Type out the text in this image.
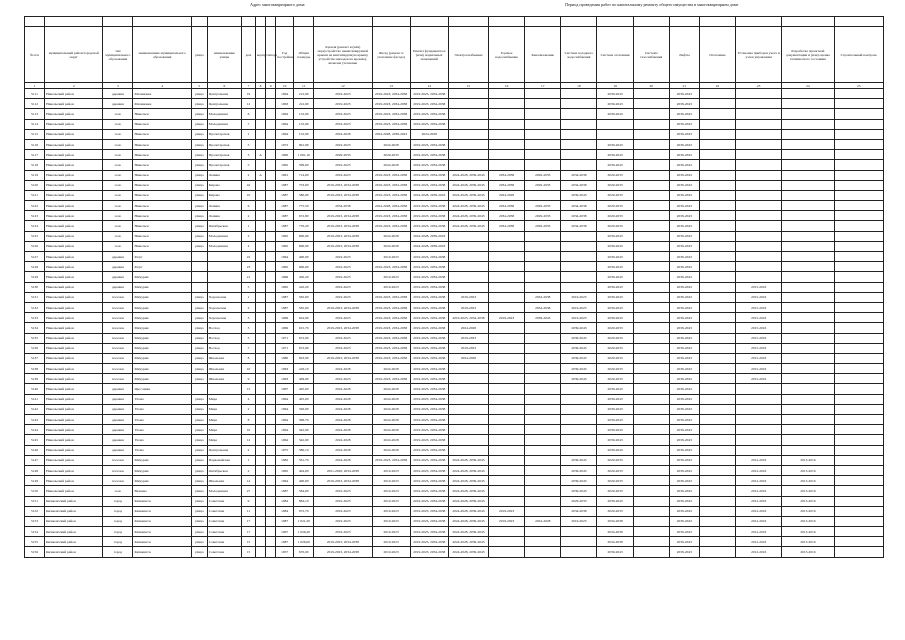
Адрес многоквартирного дома	Период проведения работ по капитальному ремонту общего имущества в многоквартирном доме

№ п/п	муниципальный район/городской округ	тип муниципального образования	наименование муниципального образования	улица	наименование улицы	дом	корпус	литера	Год постройки	Общая площадь	Кровля (ремонт и (или) переустройство невентилируемой крыши на вентилируемую крышу, устройство выходов на кровлю), включая утепление	Фасад (ремонт и утепление фасада)	Ремонт фундамента и (или) подвальных помещений	Электроснабжение	Горячее водоснабжение	Канализование	Система холодного водоснабжения	Система отопления	Система газоснабжения	Лифты	Отопление	Установка приборов учета и узлов управления	Разработка проектной документации и (или) оценка технического состояния	Строительный контроль
1	2	3	4	5	6	7	8	9	10	11	12	13	14	15	16	17	18	19	20	21	22	23	24	25
5111	Никольский район	деревня	Малиновка	улица	Центральная	19			1964	212,90	2019-2023	2019-2023, 2034-2038	2019-2023, 2034-2038					2039-2043		2039-2043				
5112	Никольский район	деревня	Малиновка	улица	Центральная	12			1963	212,90	2019-2023	2019-2023, 2034-2038	2019-2023, 2034-2038					2039-2043		2039-2043				
5113	Никольский район	село	Никольск	улица	Молодежная	6			1964	152,90	2019-2023	2019-2023, 2034-2038	2019-2023, 2034-2038					2039-2043		2039-2043				
5114	Никольский район	село	Никольск	улица	Молодежная	7			1964	152,90	2019-2023	2019-2023, 2034-2038	2019-2023, 2034-2038							2039-2043				
5115	Никольский район	село	Никольск	улица	Пролетарская	1			1964	152,90	2024-2028	2024-2028, 2039-2043	2024-2028							2039-2043				
5116	Никольский район	село	Никольск	улица	Пролетарская	5			1972	991,99	2019-2023	2024-2028	2019-2023, 2034-2038					2039-2043		2039-2043				
5117	Никольский район	село	Никольск	улица	Пролетарская	3	А		1990	1 091,10	2029-2033	2029-2033	2019-2023, 2034-2038					2039-2043		2039-2043				
5118	Никольский район	село	Никольск	улица	Пролетарская	5			1965	599,00	2019-2023	2024-2028	2019-2023, 2034-2038					2039-2043		2039-2043				
5119	Никольский район	село	Никольск	улица	Ленина	2	А		1991	714,00	2019-2023	2019-2023, 2034-2038	2019-2023, 2034-2038	2024-2028, 2039-2043	2034-2038	2029-2033	2034-2038	2029-2033		2039-2043				
5120	Никольский район	село	Никольск	улица	Кирова	42			1987	753,00	2019-2023, 2034-2038	2019-2023, 2034-2038	2019-2023, 2034-2038	2024-2028, 2039-2043	2034-2038	2029-2033	2034-2038	2029-2033		2039-2043				
5121	Никольский район	село	Никольск	улица	Кирова	10			1987	580,90	2019-2023, 2034-2038	2019-2023, 2034-2038	2024-2028, 2039-2043	2024-2028, 2039-2043	2024-2028		2039-2043	2029-2033		2039-2043				
5122	Никольский район	село	Никольск	улица	Ленина	6			1987	775,50	2034-2038	2024-2028, 2034-2038	2019-2023, 2034-2038	2024-2028, 2039-2043	2034-2038	2029-2033	2034-2038	2029-2033		2039-2043				
5123	Никольский район	село	Никольск	улица	Ленина	2			1987	672,80	2019-2023, 2034-2038	2019-2023, 2034-2038	2019-2023, 2034-2038	2024-2028, 2039-2043	2034-2038	2029-2033	2034-2038	2029-2033		2039-2043				
5124	Никольский район	село	Никольск	улица	Октябрьская	1			1987	770,20	2019-2023, 2034-2038	2019-2023, 2034-2038	2019-2023, 2034-2038	2024-2028, 2039-2043	2034-2038	2029-2033	2034-2038	2029-2033		2039-2043				
5125	Никольский район	село	Никольск	улица	Молодежная	2			1965	600,90	2019-2023, 2034-2038	2024-2028	2024-2028, 2039-2043					2039-2043		2039-2043				
5126	Никольский район	село	Никольск	улица	Молодежная	4			1965	600,90	2019-2023, 2034-2038	2024-2028	2024-2028, 2039-2043					2039-2043		2039-2043				
5127	Никольский район	деревня	Разуг			22			1964	400,90	2019-2023	2019-2023	2019-2023, 2034-2038					2039-2043		2039-2043				
5128	Никольский район	деревня	Разуг			23			1965	600,00	2019-2023	2019-2023, 2034-2038	2019-2023, 2034-2038					2039-2043		2039-2043				
5129	Никольский район	деревня	Мичурин			21			1966	450,20	2019-2023	2019-2023	2019-2023, 2034-2038					2039-2043		2039-2043				
5130	Никольский район	деревня	Мичурин			5			1965	410,20	2019-2023	2019-2023	2019-2023, 2034-2038					2039-2043		2039-2043		2015-2016		
5131	Никольский район	поселок	Мичурин	улица	Хорольская	1			1987	565,00	2019-2023	2019-2023, 2034-2038	2019-2023, 2034-2038	2019-2023		2034-2038	2019-2023	2039-2043		2039-2043		2015-2016		
5132	Никольский район	поселок	Мичурин	улица	Хорольская	2			1987	565,00	2019-2023, 2034-2038	2019-2023, 2034-2038	2019-2023, 2034-2038	2019-2023		2034-2038	2019-2023	2039-2043		2039-2043		2015-2016		
5133	Никольский район	поселок	Мичурин	улица	Хорольская	3			1969	624,90	2019-2023	2019-2023, 2034-2038	2019-2023, 2034-2038	2019-2023, 2034-2038	2019-2023	2039-2043	2019-2023	2039-2043		2039-2043		2015-2016		
5134	Никольский район	поселок	Мичурин	улица	Восход	3			1969	615,70	2019-2023, 2034-2038	2019-2023, 2034-2038	2019-2023, 2034-2038	2024-2028			2039-2043	2029-2033		2039-2043		2015-2016		
5135	Никольский район	поселок	Мичурин	улица	Восход	5			1971	672,90	2019-2023	2019-2023, 2034-2038	2019-2023, 2034-2038	2019-2023			2039-2043	2029-2033		2039-2043		2015-2016		
5136	Никольский район	поселок	Мичурин	улица	Восход	7			1971	672,90	2019-2023	2019-2023, 2034-2038	2019-2023, 2034-2038	2019-2023			2039-2043	2029-2033		2039-2043		2015-2016		
5137	Никольский район	поселок	Мичурин	улица	Школьная	8			1980	823,90	2019-2023, 2034-2038	2019-2023, 2034-2038	2019-2023, 2034-2038	2024-2028			2039-2043	2029-2033		2039-2043		2015-2016		
5138	Никольский район	поселок	Мичурин	улица	Школьная	10			1963	418,10	2024-2028	2024-2028	2019-2023, 2034-2038				2039-2043	2029-2033		2039-2043		2015-2016		
5139	Никольский район	поселок	Мичурин	улица	Школьная	9			1963	409,90	2019-2023	2019-2023, 2034-2038	2019-2023, 2034-2038				2039-2043	2029-2033		2039-2043		2015-2016		
5140	Никольский район	деревня	Ярославка			15			1967	405,00	2024-2028	2024-2028	2019-2023, 2034-2038					2039-2043		2039-2043				
5141	Никольский район	деревня	Улома	улица	Мира	4			1964	405,00	2024-2028	2024-2028	2019-2023, 2034-2038					2039-2043		2039-2043				
5142	Никольский район	деревня	Улома	улица	Мира	2			1964	326,90	2024-2028	2024-2028	2019-2023, 2034-2038					2039-2043		2039-2043				
5143	Никольский район	деревня	Улома	улица	Мира	8			1964	398,70	2024-2028	2024-2028	2019-2023, 2034-2038					2039-2043		2039-2043				
5144	Никольский район	деревня	Улома	улица	Мира	10			1964	342,90	2024-2028	2024-2028	2019-2023, 2034-2038					2039-2043		2039-2043				
5145	Никольский район	деревня	Улома	улица	Мира	12			1964	342,90	2024-2028	2024-2028	2019-2023, 2034-2038					2039-2043		2039-2043				
5146	Никольский район	деревня	Улома	улица	Центральная	2			1975	386,10	2024-2028	2024-2028	2019-2023, 2034-2038					2039-2043		2039-2043				
5147	Никольский район	поселок	Мичурин	улица	Первомайская	1			1982	561,70	2024-2028	2019-2023, 2034-2038	2019-2023, 2034-2038	2024-2028, 2039-2043			2039-2043	2029-2033		2039-2043		2012-2016	2013-2016	
5148	Никольский район	поселок	Мичурин	улица	Октябрьская	2			1965	404,00	2021-2028, 2034-2038	2019-2023	2019-2023, 2034-2038	2024-2028, 2039-2043			2039-2043	2029-2033		2039-2043		2012-2016	2013-2016	
5149	Никольский район	поселок	Мичурин	улица	Школьная	14			1964	400,00	2019-2023, 2034-2038	2019-2023	2019-2023, 2034-2038	2024-2028, 2039-2043			2039-2043	2029-2033		2039-2043		2012-2016	2013-2016	
5150	Никольский район	село	Вахнево	улица	Молодежная	27			1987	584,00	2019-2023	2019-2023	2019-2023, 2034-2038	2024-2028, 2039-2043			2039-2043	2029-2033		2039-2043		2012-2016	2013-2016	
5151	Кичменгский район	город	Кичменгск	улица	Советская	9			1984	884,10	2019-2023	2019-2023	2019-2023, 2034-2038	2024-2028, 2039-2043			2029-2033	2039-2043		2039-2043		2012-2016	2013-2016	
5152	Кичменгский район	город	Кичменгск	улица	Советская	11			1984	972,70	2019-2023	2019-2023	2019-2023, 2034-2038	2024-2028, 2039-2043	2019-2023		2034-2038	2029-2033		2039-2043		2012-2016	2013-2016	
5153	Кичменгский район	город	Кичменгск	улица	Советская	17			1987	1 021,20	2019-2023	2019-2023	2019-2023, 2034-2038	2024-2028, 2039-2043	2019-2023	2024-2028	2019-2023	2034-2038		2039-2043		2012-2016	2013-2016	
5154	Кичменгский район	город	Кичменгск	улица	Советская	17			1967	1 026,20	2019-2023	2019-2023	2019-2023, 2034-2038	2024-2028, 2039-2043				2034-2038		2039-2043		2012-2016	2013-2016	
5155	Кичменгский район	город	Кичменгск	улица	Советская	15			1987	1 026,00	2019-2023, 2034-2038	2019-2023	2019-2023, 2034-2038	2024-2028, 2039-2043				2034-2038		2039-2043		2012-2016	2013-2016	
5156	Кичменгский район	город	Кичменгск	улица	Советская	15			1957	670,00	2019-2023, 2034-2038	2019-2023	2019-2023, 2034-2038	2024-2028, 2039-2043				2039-2043		2039-2043		2012-2016	2013-2016	
